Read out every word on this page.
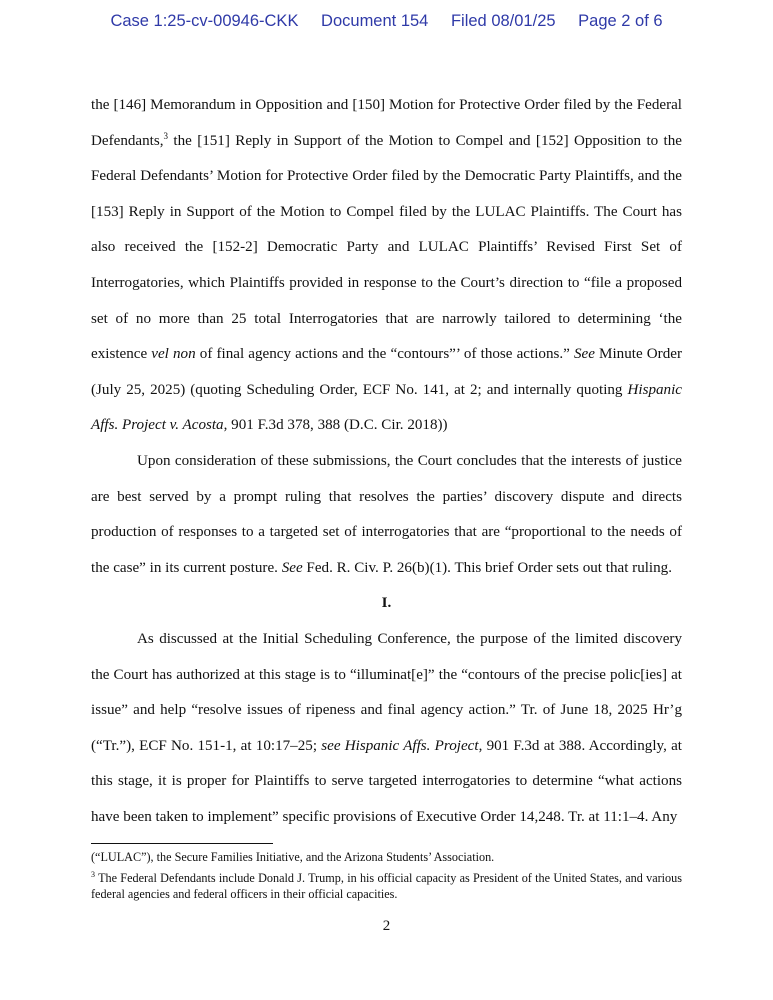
Case 1:25-cv-00946-CKK Document 154 Filed 08/01/25 Page 2 of 6

the [146] Memorandum in Opposition and [150] Motion for Protective Order filed by the Federal Defendants,$^3$ the [151] Reply in Support of the Motion to Compel and [152] Opposition to the Federal Defendants’ Motion for Protective Order filed by the Democratic Party Plaintiffs, and the [153] Reply in Support of the Motion to Compel filed by the LULAC Plaintiffs. The Court has also received the [152-2] Democratic Party and LULAC Plaintiffs’ Revised First Set of Interrogatories, which Plaintiffs provided in response to the Court’s direction to “file a proposed set of no more than 25 total Interrogatories that are narrowly tailored to determining ‘the existence vel non of final agency actions and the “contours”’ of those actions.” See Minute Order (July 25, 2025) (quoting Scheduling Order, ECF No. 141, at 2; and internally quoting Hispanic Affs. Project v. Acosta, 901 F.3d 378, 388 (D.C. Cir. 2018))

Upon consideration of these submissions, the Court concludes that the interests of justice are best served by a prompt ruling that resolves the parties’ discovery dispute and directs production of responses to a targeted set of interrogatories that are “proportional to the needs of the case” in its current posture. See Fed. R. Civ. P. 26(b)(1). This brief Order sets out that ruling.

I.

As discussed at the Initial Scheduling Conference, the purpose of the limited discovery the Court has authorized at this stage is to “illuminat[e]” the “contours of the precise polic[ies] at issue” and help “resolve issues of ripeness and final agency action.” Tr. of June 18, 2025 Hr’g (“Tr.”), ECF No. 151-1, at 10:17–25; see Hispanic Affs. Project, 901 F.3d at 388. Accordingly, at this stage, it is proper for Plaintiffs to serve targeted interrogatories to determine “what actions have been taken to implement” specific provisions of Executive Order 14,248. Tr. at 11:1–4. Any

(“LULAC”), the Secure Families Initiative, and the Arizona Students’ Association.

$^3$ The Federal Defendants include Donald J. Trump, in his official capacity as President of the United States, and various federal agencies and federal officers in their official capacities.

2
